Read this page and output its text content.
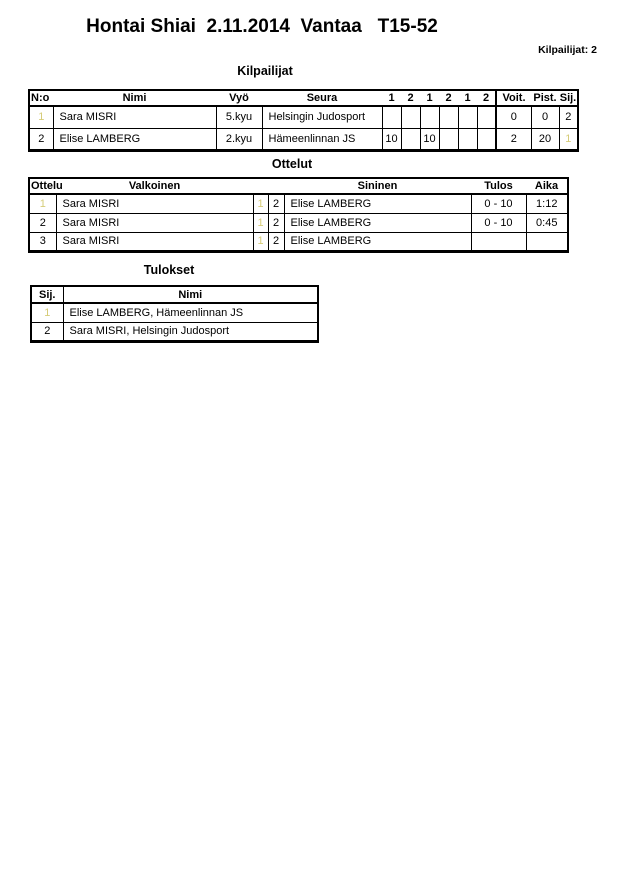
Hontai Shiai  2.11.2014  Vantaa   T15-52
Kilpailijat: 2
Kilpailijat
N:o	Nimi	Vyö	Seura	1	2	1	2	1	2	Voit.	Pist.	Sij.
1	Sara MISRI	5.kyu	Helsingin Judosport							0	0	2
2	Elise LAMBERG	2.kyu	Hämeenlinnan JS	10		10				2	20	1
Ottelut
Ottelu	Valkoinen			Sininen	Tulos	Aika
1	Sara MISRI	1	2	Elise LAMBERG	0 - 10	1:12
2	Sara MISRI	1	2	Elise LAMBERG	0 - 10	0:45
3	Sara MISRI	1	2	Elise LAMBERG		
Tulokset
Sij.	Nimi
1	Elise LAMBERG, Hämeenlinnan JS
2	Sara MISRI, Helsingin Judosport
